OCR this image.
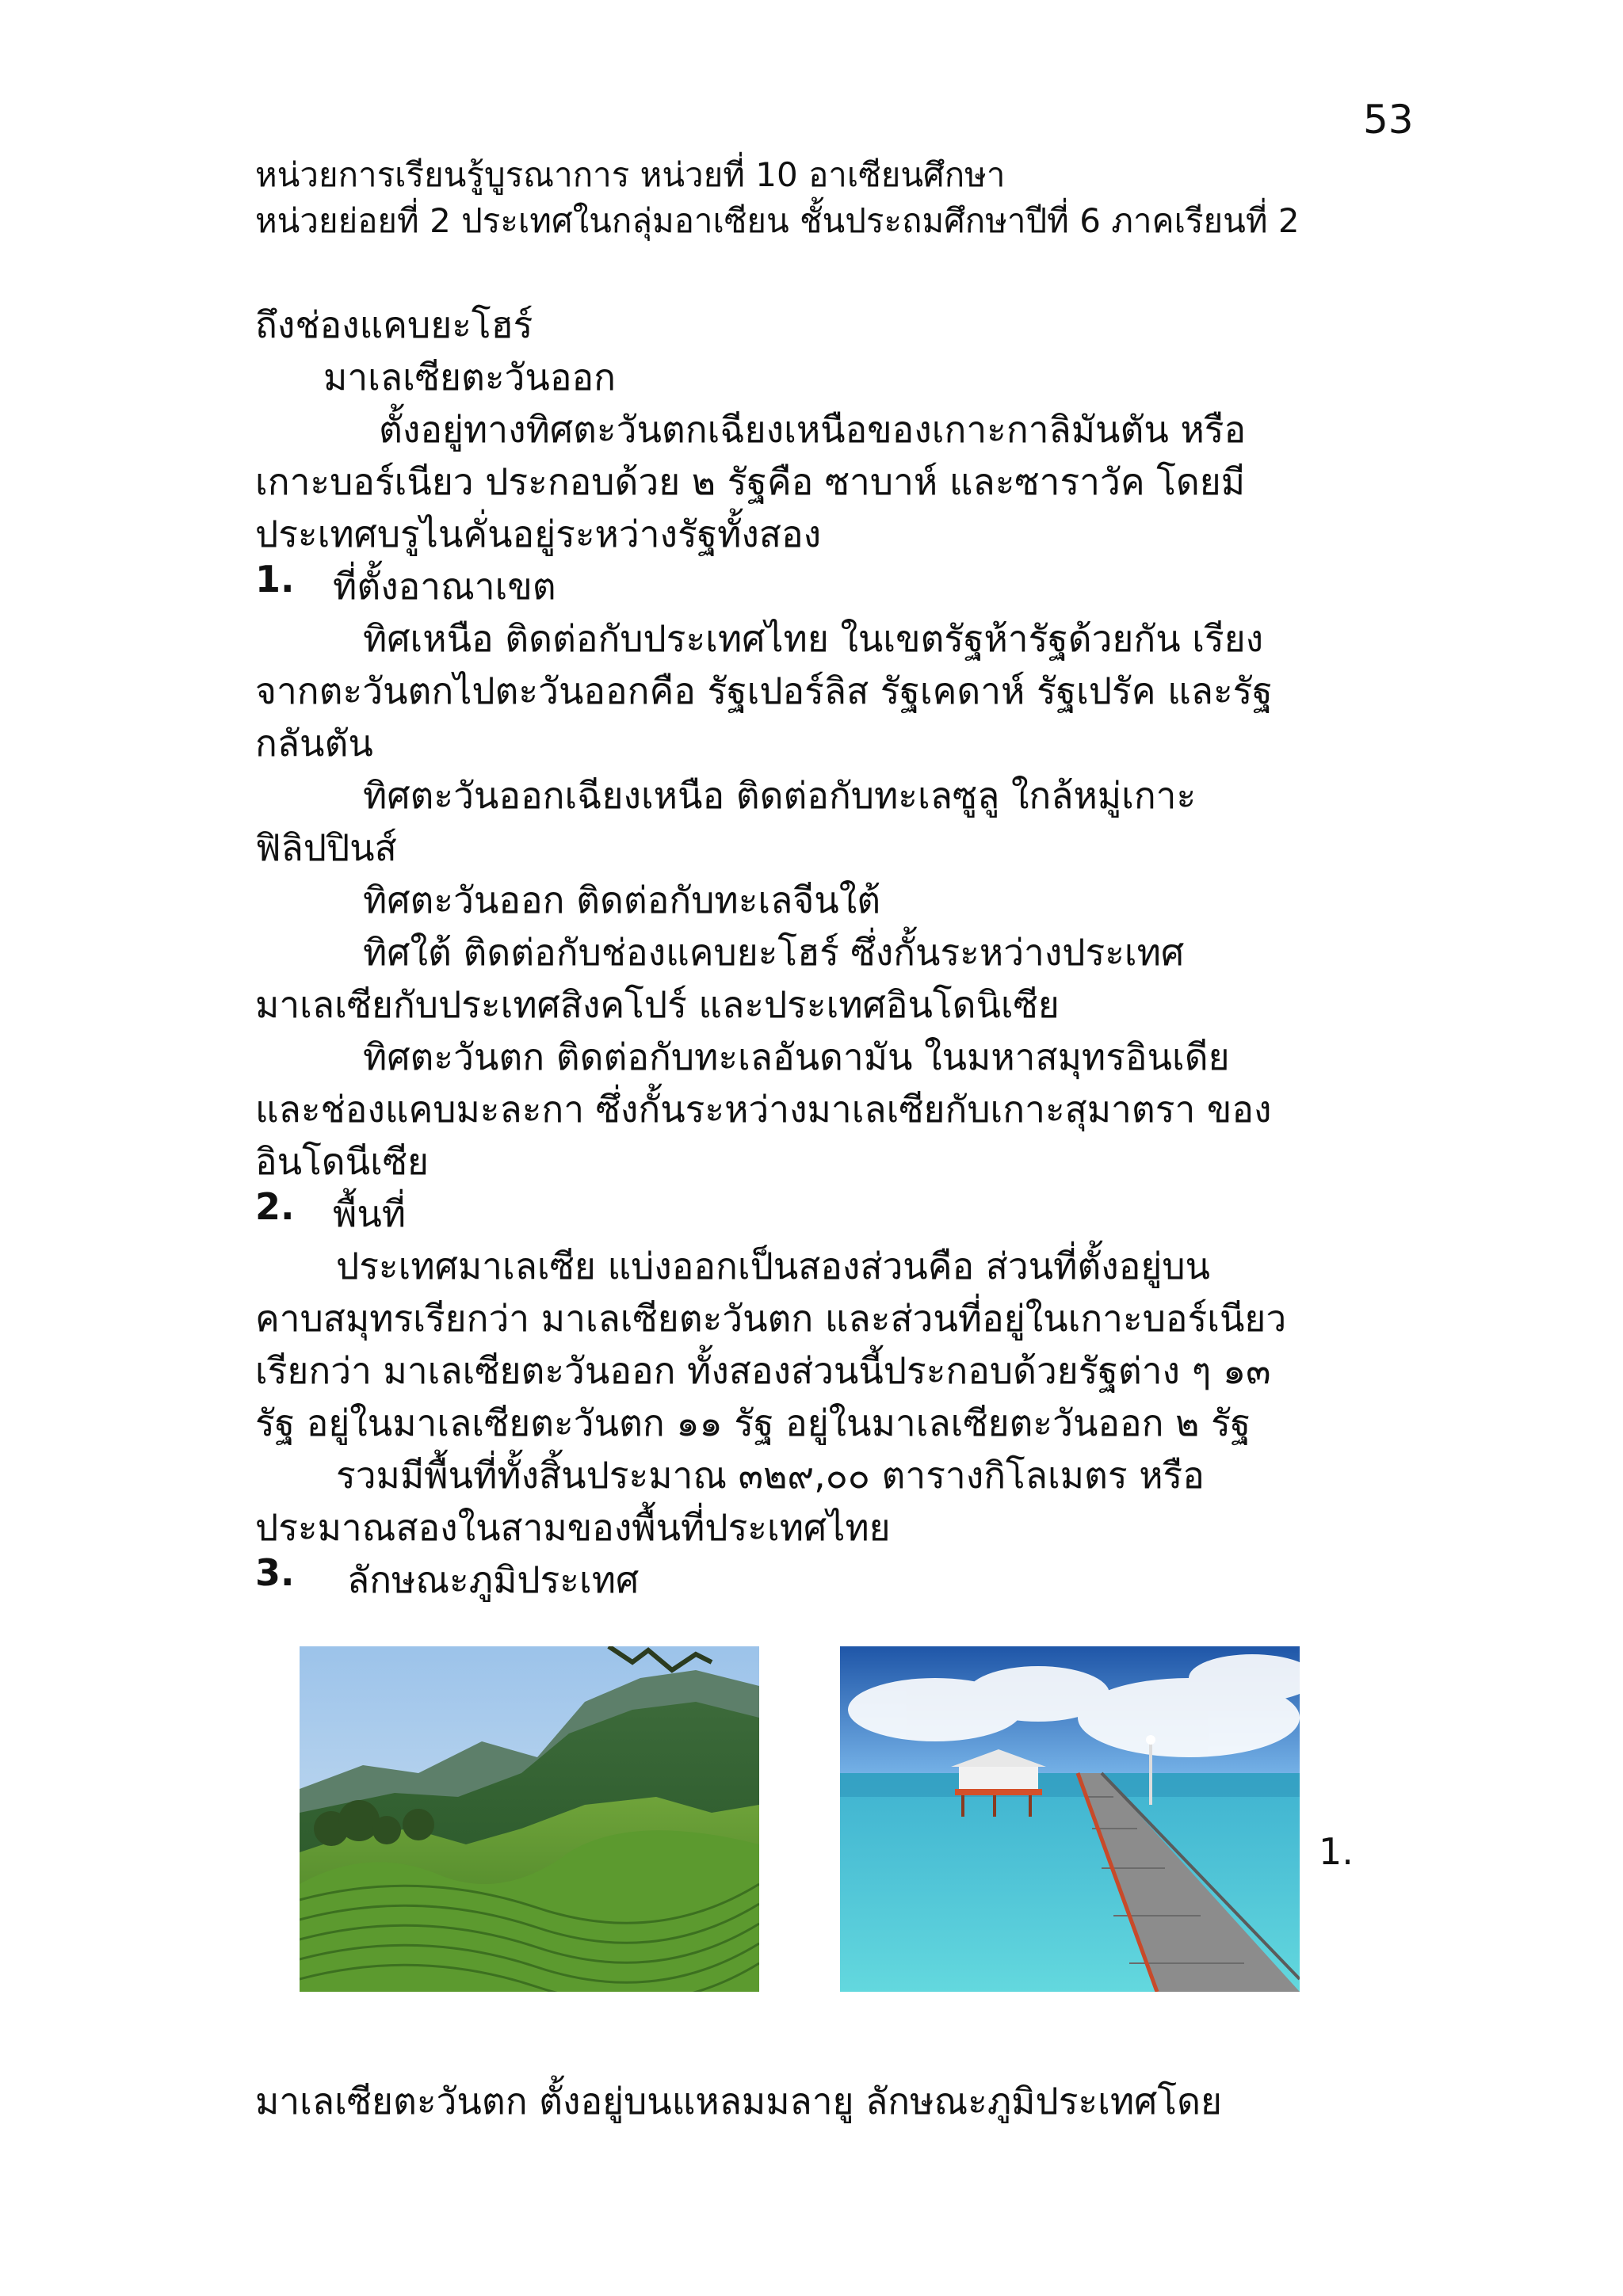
53
หน่วยการเรียนรู้บูรณาการ หน่วยที่ 10 อาเซียนศึกษา
หน่วยย่อยที่ 2 ประเทศในกลุ่มอาเซียน ชั้นประถมศึกษาปีที่ 6 ภาคเรียนที่ 2
ถึงช่องแคบยะโฮร์
มาเลเซียตะวันออก
ตั้งอยู่ทางทิศตะวันตกเฉียงเหนือของเกาะกาลิมันตัน หรือ
เกาะบอร์เนียว ประกอบด้วย ๒ รัฐคือ ซาบาห์ และซาราวัค โดยมี
ประเทศบรูไนคั่นอยู่ระหว่างรัฐทั้งสอง
1. ที่ตั้งอาณาเขต
ทิศเหนือ ติดต่อกับประเทศไทย ในเขตรัฐห้ารัฐด้วยกัน เรียง
จากตะวันตกไปตะวันออกคือ รัฐเปอร์ลิส รัฐเคดาห์ รัฐเปรัค และรัฐ
กลันตัน
ทิศตะวันออกเฉียงเหนือ ติดต่อกับทะเลซูลู ใกล้หมู่เกาะ
ฟิลิปปินส์
ทิศตะวันออก ติดต่อกับทะเลจีนใต้
ทิศใต้ ติดต่อกับช่องแคบยะโฮร์ ซึ่งกั้นระหว่างประเทศ
มาเลเซียกับประเทศสิงคโปร์ และประเทศอินโดนิเซีย
ทิศตะวันตก ติดต่อกับทะเลอันดามัน ในมหาสมุทรอินเดีย
และช่องแคบมะละกา ซึ่งกั้นระหว่างมาเลเซียกับเกาะสุมาตรา ของ
อินโดนีเซีย
2. พื้นที่
ประเทศมาเลเซีย แบ่งออกเป็นสองส่วนคือ ส่วนที่ตั้งอยู่บน
คาบสมุทรเรียกว่า มาเลเซียตะวันตก และส่วนที่อยู่ในเกาะบอร์เนียว
เรียกว่า มาเลเซียตะวันออก ทั้งสองส่วนนี้ประกอบด้วยรัฐต่าง ๆ ๑๓
รัฐ อยู่ในมาเลเซียตะวันตก ๑๑ รัฐ อยู่ในมาเลเซียตะวันออก ๒ รัฐ
รวมมีพื้นที่ทั้งสิ้นประมาณ ๓๒๙,๐๐ ตารางกิโลเมตร หรือ
ประมาณสองในสามของพื้นที่ประเทศไทย
3. ลักษณะภูมิประเทศ
1.
มาเลเซียตะวันตก ตั้งอยู่บนแหลมมลายู ลักษณะภูมิประเทศโดย
